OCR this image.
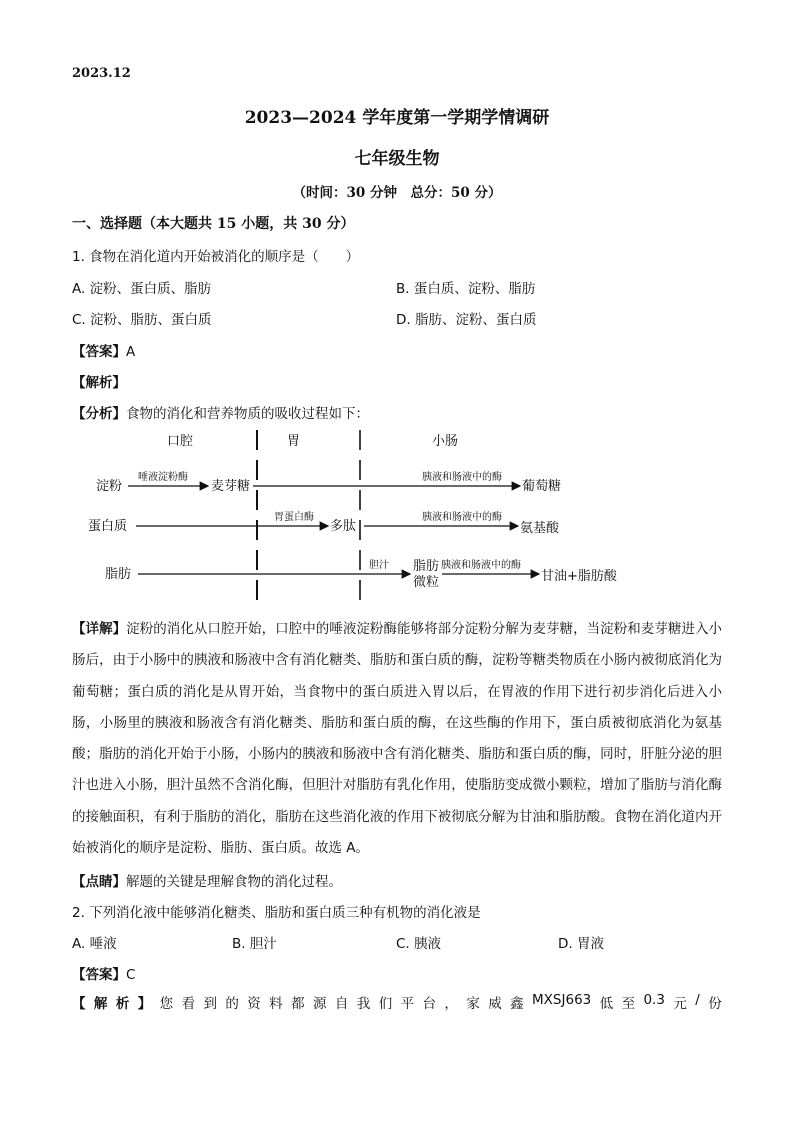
2023.12
2023—2024 学年度第一学期学情调研
七年级生物
（时间：30 分钟　总分：50 分）
一、选择题（本大题共 15 小题，共 30 分）
1. 食物在消化道内开始被消化的顺序是（　　）
A. 淀粉、蛋白质、脂肪	B. 蛋白质、淀粉、脂肪
C. 淀粉、脂肪、蛋白质	D. 脂肪、淀粉、蛋白质
【答案】A
【解析】
【分析】食物的消化和营养物质的吸收过程如下：
口腔	胃	小肠
淀粉
唾液淀粉酶
麦芽糖
胰液和肠液中的酶
葡萄糖
蛋白质
胃蛋白酶
多肽
胰液和肠液中的酶
氨基酸
脂肪
胆汁 脂肪
微粒
胰液和肠液中的酶
甘油+脂肪酸
【详解】淀粉的消化从口腔开始，口腔中的唾液淀粉酶能够将部分淀粉分解为麦芽糖，当淀粉和麦芽糖进入小肠后，由于小肠中的胰液和肠液中含有消化糖类、脂肪和蛋白质的酶，淀粉等糖类物质在小肠内被彻底消化为葡萄糖；蛋白质的消化是从胃开始，当食物中的蛋白质进入胃以后，在胃液的作用下进行初步消化后进入小肠，小肠里的胰液和肠液含有消化糖类、脂肪和蛋白质的酶，在这些酶的作用下，蛋白质被彻底消化为氨基酸；脂肪的消化开始于小肠，小肠内的胰液和肠液中含有消化糖类、脂肪和蛋白质的酶，同时，肝脏分泌的胆汁也进入小肠，胆汁虽然不含消化酶，但胆汁对脂肪有乳化作用，使脂肪变成微小颗粒，增加了脂肪与消化酶的接触面积，有利于脂肪的消化，脂肪在这些消化液的作用下被彻底分解为甘油和脂肪酸。食物在消化道内开始被消化的顺序是淀粉、脂肪、蛋白质。故选 A。
【点睛】解题的关键是理解食物的消化过程。
2. 下列消化液中能够消化糖类、脂肪和蛋白质三种有机物的消化液是
A. 唾液	B. 胆汁	C. 胰液	D. 胃液
【答案】C
【 解 析 】 您 看 到 的 资 料 都 源 自 我 们 平 台 ， 家 威 鑫 MXSJ663 低 至 0.3 元 / 份
